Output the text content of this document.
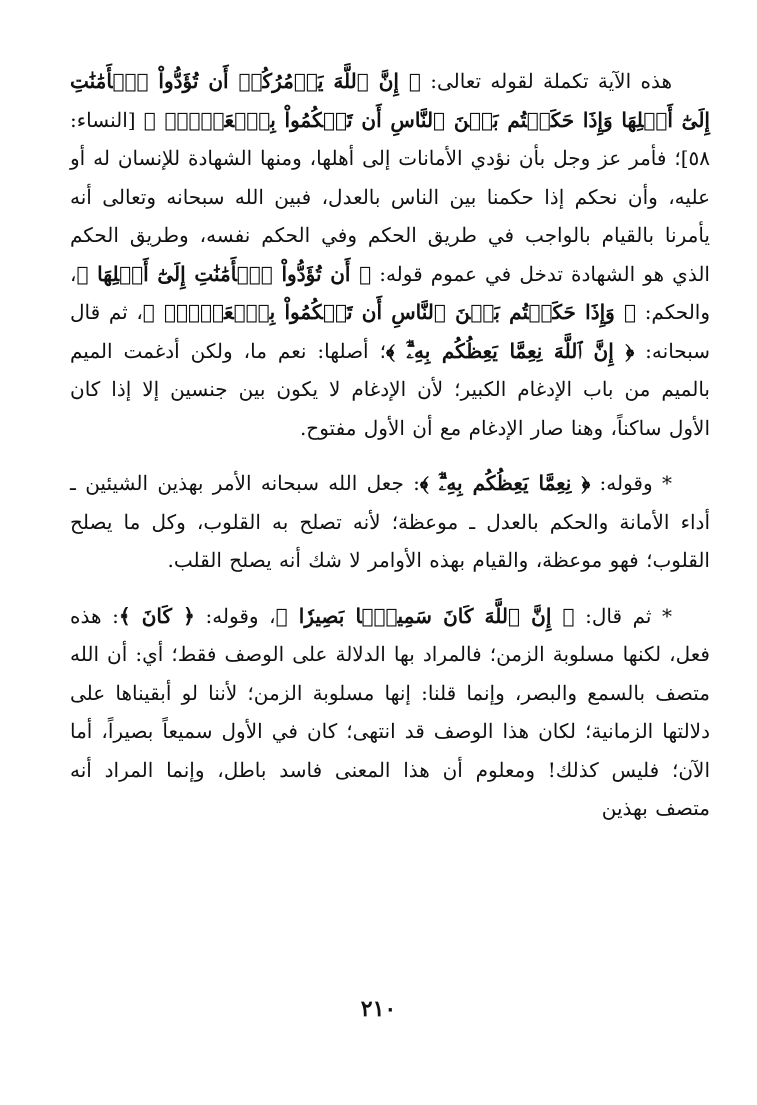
هذه الآية تكملة لقوله تعالى: ﴿ إِنَّ ٱللَّهَ يَأۡمُرُكُمۡ أَن تُؤَدُّواْ ٱلۡأَمَٰنَٰتِ إِلَىٰٓ أَهۡلِهَا وَإِذَا حَكَمۡتُم بَيۡنَ ٱلنَّاسِ أَن تَحۡكُمُواْ بِٱلۡعَدۡلِۚ ﴾ [النساء: ٥٨]؛ فأمر عز وجل بأن نؤدي الأمانات إلى أهلها، ومنها الشهادة للإنسان له أو عليه، وأن نحكم إذا حكمنا بين الناس بالعدل، فبين الله سبحانه وتعالى أنه يأمرنا بالقيام بالواجب في طريق الحكم وفي الحكم نفسه، وطريق الحكم الذي هو الشهادة تدخل في عموم قوله: ﴿ أَن تُؤَدُّواْ ٱلۡأَمَٰنَٰتِ إِلَىٰٓ أَهۡلِهَا ﴾، والحكم: ﴿ وَإِذَا حَكَمۡتُم بَيۡنَ ٱلنَّاسِ أَن تَحۡكُمُواْ بِٱلۡعَدۡلِۚ ﴾، ثم قال سبحانه: ﴿ إِنَّ ٱللَّهَ نِعِمَّا يَعِظُكُم بِهِۦٓۗ ﴾؛ أصلها: نعم ما، ولكن أدغمت الميم بالميم من باب الإدغام الكبير؛ لأن الإدغام لا يكون بين جنسين إلا إذا كان الأول ساكناً، وهنا صار الإدغام مع أن الأول مفتوح.

* وقوله: ﴿ نِعِمَّا يَعِظُكُم بِهِۦٓۗ ﴾: جعل الله سبحانه الأمر بهذين الشيئين ـ أداء الأمانة والحكم بالعدل ـ موعظة؛ لأنه تصلح به القلوب، وكل ما يصلح القلوب؛ فهو موعظة، والقيام بهذه الأوامر لا شك أنه يصلح القلب.

* ثم قال: ﴿ إِنَّ ٱللَّهَ كَانَ سَمِيعَۢا بَصِيرٗا ﴾، وقوله: ﴿ كَانَ ﴾: هذه فعل، لكنها مسلوبة الزمن؛ فالمراد بها الدلالة على الوصف فقط؛ أي: أن الله متصف بالسمع والبصر، وإنما قلنا: إنها مسلوبة الزمن؛ لأننا لو أبقيناها على دلالتها الزمانية؛ لكان هذا الوصف قد انتهى؛ كان في الأول سميعاً بصيراً، أما الآن؛ فليس كذلك! ومعلوم أن هذا المعنى فاسد باطل، وإنما المراد أنه متصف بهذين

٢١٠
